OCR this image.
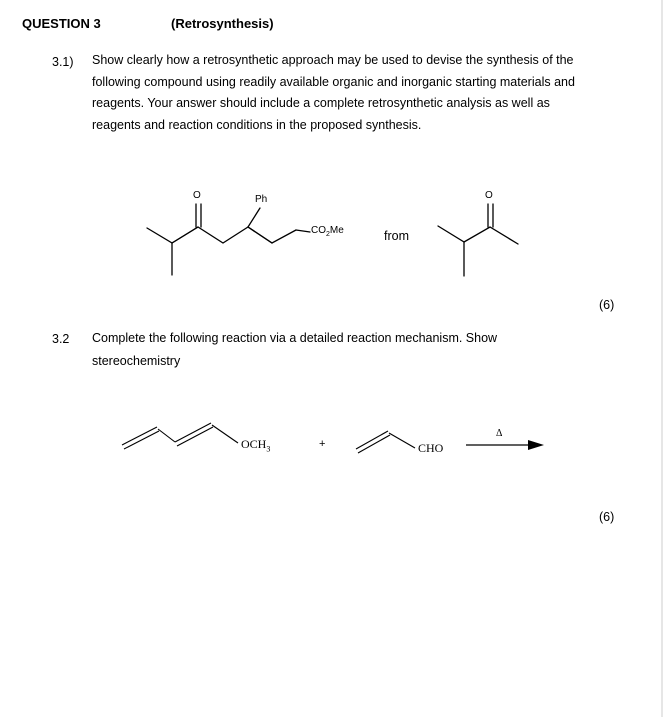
QUESTION 3	(Retrosynthesis)
3.1) Show clearly how a retrosynthetic approach may be used to devise the synthesis of the
following compound using readily available organic and inorganic starting materials and
reagents. Your answer should include a complete retrosynthetic analysis as well as
reagents and reaction conditions in the proposed synthesis.
O	Ph
$CO_2Me$	from
O
(6)
3.2 Complete the following reaction via a detailed reaction mechanism. Show
stereochemistry
$OCH_3$	+	CHO
Δ
(6)
